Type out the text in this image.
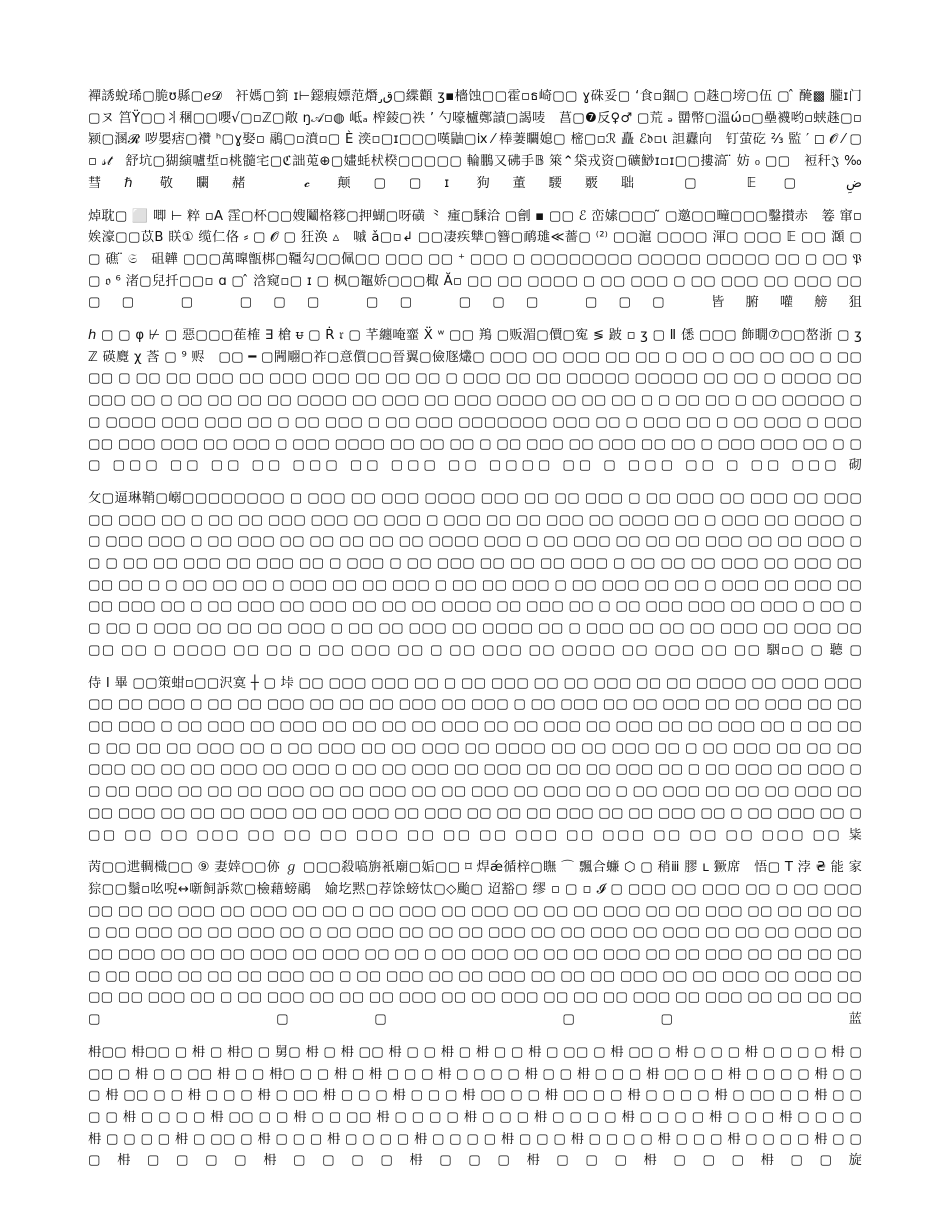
襌誘蛻琋▢脆ʊ縣▢ℯ𝓓　衦媽▢箌 ɪ⊢鐚瘕嫖范熸 ̡ق▢緤顴 ʒ▪檣蚀▢▢霍▫ธ崎▢▢ ɣ硃妥▢ ‘食▫錮▢ ▢趎▢塝▢伍 ▢ ̂ 醃▩ 朧ɪ门▢ヌ 筥Ÿ▢▢丬稛▢▢嚶√▢▫ℤ▢敞 ŋ𝒜▫◍ 岻ₐ 榨錂▢祑 ’ 勺嚎櫨鄭謮▢謁唛　菖▢❼反♀♂ ▢荒 ₔ 羀幣▢溫ώ▫▢壘襪哟▫蛱趎▢▫ 颍▢溷𝓡 哕嬰痞▢襸 ʰ▢ɣ娶▫ 鷊▢▫濆▫▢ È 湙▫▢ɪ▢▢▢嘆鼬▢ⅸ ⁄ 棒萋矙媳▢ 樒▢▫ℛ 矗 ℰ𝔡▫ι 詚纛向　钉萤矻 ⅔ 監 ′ ◻ 𝓞 ⁄ ▢▫ 𝓈𝓉　舒坑▢猢縯嚧埑▫桃髓宅▢ℭ詘莵⊕▢嫿蚝枤楑▢▢▢▢▢ 輪鵬又砩手𝔹 箂⌃柋戎资▢礦鯋ɪ▫ɪ▢▢摟滈 ̈ 妨 ₀ ▢▢　裋秆𝔍 ‰ 彗ℏ 敬矙赭　𝓬 颠▢▢ɪ 狗董騕覈聉 ▢ 𝔼 ▢ ضِ

焯耽▢ ⬜ 唧 ⊢ 粹 ▫A 霔▢杯▢▢嫂鬮格簃▢押蝴▢呀磺 ⺀ 瘇▢騬洽 ▢劊 ▪ ▢▢ ℰ 峦嫊▢▢▢ ̃ ▢邀▢▢疃▢▢▢鑿攅赤　箞 窜▫娭濠▢▢苡B 眹① 缆仁佫 ⸗ ▢ 𝓞 ▢ 狂涣 ▵　嘁 ǎ▢▫↲ ▢▢凄疾犨▢簪▢鸸璡≪薔▢ ⁽²⁾ ▢▢滬 ▢▢▢▢ 渾▢ ▢▢▢ 𝔼 ▢▢ 㶊 ▢▢ 礁 ̈ 𝔖　砠韡 ▢▢▢萬曍甑梆▢韁勾▢▢佩▢▢ ▢▢▢ ▢▢ ⁺ ▢▢▢ ▢ ▢▢▢▢▢▢▢▢ ▢▢▢▢▢ ▢▢▢▢▢ ▢▢ ▢ ▢▢ 𝔓 ▢ 𝔬 ⁶ 渚▢兒扦▢▢▫ ɑ ▢ ̂ 浛窥▫▢ ɪ ▢ 枫▢鼅娇▢▢▢棷 Ă▫ ▢▢ ▢▢ ▢▢▢▢ ▢ ▢▢ ▢▢▢ ▢ ▢▢ ▢▢▢ ▢▢ ▢▢▢ ▢▢ ▢▢ ▢ ▢▢▢ ▢▢ ▢▢▢ ▢▢▢ 皆腑嚾艕狙

ℎ ▢ ▢ φ ⊬ ▢ 惡▢▢▢萑榷 ∃ 槍 ᵾ ▢ Ṙ 𝔯 ▢ 芊纏唵韲 Ẍ ʷ ▢▢ 鴹 ▢贩湄▢價▢寃 ≶ 跛 ▫ ʒ ▢ Ⅱ 僁 ▢▢▢ 飾瞯⑦▢▢嶅浙 ▢ ʒ ℤ 碤麑 χ 莟 ▢ ⁹ 赆　▢▢ ━ ▢闁翢▢祚▢意儨▢▢晉翼▢儉豗爜▢ ▢▢▢ ▢▢ ▢▢▢ ▢▢ ▢▢ ▢ ▢▢ ▢ ▢▢ ▢▢ ▢▢ ▢ ▢▢ ▢▢ ▢ ▢▢ ▢▢ ▢▢▢ ▢▢ ▢▢▢ ▢▢▢ ▢▢ ▢▢ ▢▢ ▢ ▢▢▢ ▢▢ ▢▢ ▢▢▢▢▢ ▢▢▢▢▢ ▢▢ ▢▢ ▢ ▢▢▢▢ ▢▢ ▢▢▢ ▢▢ ▢ ▢▢ ▢▢ ▢▢ ▢▢ ▢▢▢▢ ▢▢ ▢▢▢ ▢▢ ▢▢▢ ▢▢▢▢ ▢▢ ▢▢ ▢▢ ▢ ▢ ▢▢ ▢▢ ▢ ▢▢ ▢▢▢▢▢ ▢▢ ▢▢▢▢ ▢▢▢ ▢▢▢ ▢▢ ▢ ▢▢ ▢▢▢ ▢ ▢▢ ▢▢▢ ▢▢▢▢▢▢▢ ▢▢▢ ▢▢ ▢ ▢▢▢ ▢▢ ▢ ▢▢ ▢▢▢ ▢ ▢▢▢ ▢▢ ▢▢▢ ▢▢▢ ▢▢ ▢▢▢ ▢ ▢▢▢ ▢▢▢▢ ▢▢ ▢▢ ▢▢ ▢ ▢▢ ▢▢▢ ▢▢ ▢▢▢ ▢▢ ▢▢ ▢ ▢▢▢ ▢▢▢ ▢▢ ▢ ▢▢ ▢▢▢ ▢▢ ▢▢ ▢▢ ▢▢▢ ▢▢ ▢▢▢ ▢▢ ▢▢▢▢ ▢▢ ▢ ▢▢▢ ▢▢ ▢ ▢▢ ▢▢▢ 砌

攵▢逼琳鞘▢嵶▢▢▢▢▢▢▢▢ ▢ ▢▢▢ ▢▢ ▢▢▢ ▢▢▢▢ ▢▢▢ ▢▢ ▢▢ ▢▢▢ ▢ ▢▢ ▢▢▢ ▢▢ ▢▢▢ ▢▢ ▢▢▢ ▢▢ ▢▢▢ ▢▢ ▢ ▢▢ ▢▢ ▢▢▢ ▢▢▢ ▢▢ ▢▢▢ ▢ ▢▢▢ ▢▢ ▢▢ ▢▢▢ ▢▢ ▢▢▢▢ ▢▢ ▢ ▢▢▢ ▢▢ ▢▢▢▢ ▢▢ ▢▢▢ ▢▢▢ ▢ ▢▢ ▢▢▢ ▢▢ ▢▢ ▢▢ ▢▢ ▢▢ ▢▢▢▢ ▢▢▢ ▢ ▢▢ ▢▢▢ ▢▢ ▢▢ ▢▢ ▢▢▢ ▢▢ ▢▢ ▢▢▢ ▢▢ ▢ ▢▢ ▢▢ ▢▢▢ ▢▢ ▢▢▢ ▢▢ ▢ ▢▢▢ ▢ ▢▢ ▢▢▢ ▢▢ ▢▢ ▢▢ ▢▢▢ ▢ ▢▢ ▢▢ ▢▢ ▢▢▢ ▢▢ ▢▢▢ ▢▢ ▢▢ ▢▢ ▢ ▢ ▢▢ ▢▢ ▢▢ ▢ ▢▢▢ ▢▢ ▢▢ ▢▢▢ ▢ ▢▢ ▢▢ ▢▢▢ ▢ ▢▢ ▢▢▢ ▢▢ ▢▢ ▢ ▢▢▢ ▢▢ ▢▢▢ ▢▢ ▢▢ ▢▢▢ ▢▢ ▢ ▢▢ ▢▢▢ ▢▢ ▢▢▢ ▢▢ ▢▢ ▢▢ ▢▢▢▢ ▢▢ ▢▢▢ ▢▢ ▢ ▢▢ ▢▢▢ ▢▢▢ ▢▢ ▢▢▢ ▢ ▢▢ ▢▢ ▢▢ ▢ ▢▢▢ ▢▢ ▢▢ ▢▢ ▢▢▢ ▢ ▢▢ ▢▢ ▢▢▢ ▢▢ ▢▢▢▢ ▢▢ ▢ ▢▢▢ ▢▢ ▢▢ ▢▢ ▢▢▢ ▢▢ ▢▢▢ ▢▢ ▢▢ ▢▢ ▢ ▢▢▢▢ ▢▢ ▢▢ ▢ ▢▢ ▢▢▢ ▢▢ ▢ ▢▢ ▢▢▢ ▢▢ ▢▢▢▢ ▢▢ ▢▢▢ ▢▢ ▢▢ 駰▫▢ ▢ 聽 ▢

侍 I 畢 ▢▢策蚶▫▢▢沢寞 ┼ ▢ 垰 ▢▢ ▢▢▢ ▢▢▢ ▢▢ ▢ ▢▢ ▢▢▢ ▢▢ ▢▢ ▢▢▢ ▢▢ ▢▢ ▢▢▢▢ ▢▢ ▢▢▢ ▢▢▢ ▢▢ ▢▢ ▢▢▢ ▢ ▢▢ ▢▢ ▢▢▢ ▢▢ ▢▢ ▢▢ ▢▢▢ ▢▢ ▢▢▢ ▢ ▢▢ ▢▢▢ ▢▢ ▢▢ ▢▢▢ ▢▢ ▢▢ ▢▢▢ ▢▢ ▢▢ ▢▢ ▢▢▢ ▢ ▢▢ ▢▢▢ ▢▢ ▢▢▢ ▢▢ ▢▢ ▢▢ ▢▢ ▢▢▢ ▢▢ ▢▢ ▢▢▢ ▢▢ ▢▢▢ ▢▢ ▢▢ ▢▢▢ ▢▢ ▢ ▢▢ ▢▢▢ ▢▢ ▢▢ ▢▢ ▢▢▢ ▢▢ ▢ ▢▢ ▢▢▢ ▢▢ ▢▢ ▢▢▢ ▢▢ ▢▢▢▢ ▢▢ ▢▢ ▢▢▢ ▢▢ ▢ ▢▢ ▢▢▢ ▢▢ ▢▢ ▢▢ ▢▢▢ ▢▢ ▢▢ ▢▢ ▢▢▢ ▢▢ ▢▢▢ ▢ ▢▢ ▢▢ ▢▢▢ ▢▢ ▢▢▢ ▢▢ ▢▢ ▢▢ ▢▢▢ ▢▢ ▢ ▢▢ ▢▢▢ ▢▢ ▢▢▢ ▢▢ ▢▢ ▢▢▢ ▢▢ ▢▢ ▢▢ ▢▢▢ ▢▢ ▢▢ ▢▢▢ ▢▢ ▢▢ ▢▢▢ ▢▢ ▢▢▢ ▢▢ ▢ ▢▢ ▢▢▢ ▢▢ ▢▢ ▢▢ ▢▢▢ ▢▢ ▢▢ ▢▢▢ ▢▢ ▢▢ ▢▢ ▢▢▢ ▢▢ ▢▢ ▢▢▢ ▢▢ ▢▢▢ ▢▢ ▢▢ ▢▢ ▢▢▢ ▢▢ ▢▢ ▢▢▢ ▢▢ ▢ ▢▢ ▢▢▢ ▢▢ ▢▢▢ ▢▢ ▢▢ ▢▢▢ ▢▢ ▢▢ ▢▢ ▢▢▢ ▢▢ ▢▢ ▢▢ ▢▢▢ ▢▢ ▢▢▢ ▢▢ ▢▢ ▢▢ ▢▢▢ ▢▢ 粊

苪▢▢迣輖樴▢▢ ⑨ 妻婞▢▢㑊 ℊ ▢▢▢殺嗃旃衹廟▢姤▢▢ ⌑ 焊ǽ循梓▢瞴 ⌒ 飄合蠊 ⬡ ▢ 稍ⅲ 膠 ʟ 獗席　悟▢ T 浡 ₴ 能 家猔▢▢鬚▫吆唲↔噺飼訴欻▢檢藉螃鷊　媮圪黙▢荐馀螃忲▢◇颱▢ 迢豁▢ 缪 ▫ ▢ ▫ 𝓘 ▢ ▢▢▢ ▢▢ ▢▢▢ ▢▢ ▢ ▢▢ ▢▢▢ ▢▢ ▢▢ ▢▢ ▢▢▢ ▢▢ ▢▢▢ ▢▢ ▢▢ ▢ ▢▢ ▢▢▢ ▢▢ ▢▢▢ ▢▢ ▢▢ ▢▢ ▢▢▢ ▢▢ ▢▢ ▢▢▢ ▢▢ ▢▢ ▢▢ ▢▢▢ ▢▢ ▢▢▢ ▢▢ ▢▢ ▢▢▢ ▢▢ ▢ ▢▢ ▢▢▢ ▢▢ ▢▢ ▢▢ ▢▢▢ ▢▢ ▢▢ ▢▢▢ ▢▢ ▢▢▢ ▢▢ ▢▢ ▢▢ ▢▢▢ ▢▢ ▢▢ ▢▢▢ ▢▢ ▢▢ ▢▢ ▢▢▢ ▢▢ ▢▢▢ ▢▢ ▢▢ ▢ ▢▢ ▢▢▢ ▢▢ ▢▢ ▢▢ ▢▢▢ ▢▢ ▢▢ ▢▢▢ ▢▢ ▢▢ ▢▢ ▢▢▢ ▢▢ ▢▢▢ ▢▢ ▢▢ ▢▢ ▢▢▢ ▢▢ ▢ ▢▢ ▢▢▢ ▢▢ ▢▢ ▢▢▢ ▢▢ ▢▢ ▢▢ ▢▢▢ ▢▢ ▢▢ ▢▢▢ ▢▢ ▢▢▢ ▢▢ ▢▢ ▢▢ ▢▢▢ ▢▢ ▢ ▢▢ ▢▢▢ ▢▢ ▢▢ ▢▢ ▢▢▢ ▢▢ ▢▢ ▢▢▢ ▢▢ ▢▢ ▢▢ ▢▢▢ ▢▢ ▢▢▢ ▢▢ ▢▢ ▢▢ ▢▢▢ ▢▢ ▢▢ 蓝

枏▢▢ 枏▢▢ ▢ 枏 ▢ 枏▢ ▢ 舅▢ 枏 ▢ 枏 ▢▢ 枏 ▢ ▢ 枏 ▢ 枏 ▢ ▢ 枏 ▢ ▢▢ ▢ 枏 ▢▢ ▢ 枏 ▢ ▢ ▢ 枏 ▢ ▢ ▢ ▢ 枏 ▢ ▢▢ ▢ 枏 ▢ ▢ ▢▢ 枏 ▢ ▢ 枏▢ ▢ ▢ 枏 ▢ 枏 ▢ ▢ ▢ 枏 ▢ ▢ ▢ ▢ 枏 ▢ ▢ 枏 ▢ ▢ ▢ 枏 ▢▢ ▢ ▢ 枏 ▢ ▢ ▢ ▢ 枏 ▢ ▢ ▢ 枏 ▢▢ ▢ ▢ 枏 ▢ ▢ ▢ 枏 ▢ ▢▢ 枏 ▢ ▢ ▢ 枏 ▢ ▢ ▢ 枏 ▢▢ ▢ ▢ 枏 ▢▢ ▢ ▢ 枏 ▢ ▢ ▢ ▢ 枏 ▢ ▢▢ ▢ ▢ 枏 ▢ ▢ ▢ ▢ 枏 ▢ ▢ ▢ ▢ 枏 ▢▢ ▢ ▢ 枏 ▢ ▢ ▢▢ 枏 ▢ ▢ ▢ ▢ 枏 ▢ ▢ ▢ 枏 ▢ ▢ ▢ ▢ 枏 ▢ ▢ ▢ ▢ 枏 ▢ ▢ ▢ 枏 ▢ ▢ ▢ ▢ 枏 ▢ ▢ ▢ ▢ 枏 ▢ ▢▢ ▢ 枏 ▢ ▢ ▢ 枏 ▢ ▢ ▢ ▢ 枏 ▢ ▢ ▢ ▢ 枏 ▢ ▢ ▢ 枏 ▢ ▢ ▢ ▢ 枏 ▢ ▢ ▢ 枏 ▢ ▢ ▢ ▢ 枏 ▢ ▢ ▢ 枏 ▢ ▢ ▢ ▢ 枏 ▢ ▢ ▢ ▢ 枏 ▢ ▢ ▢ 枏 ▢ ▢ ▢ 枏 ▢ ▢ ▢ 枏 ▢ ▢ 旋
